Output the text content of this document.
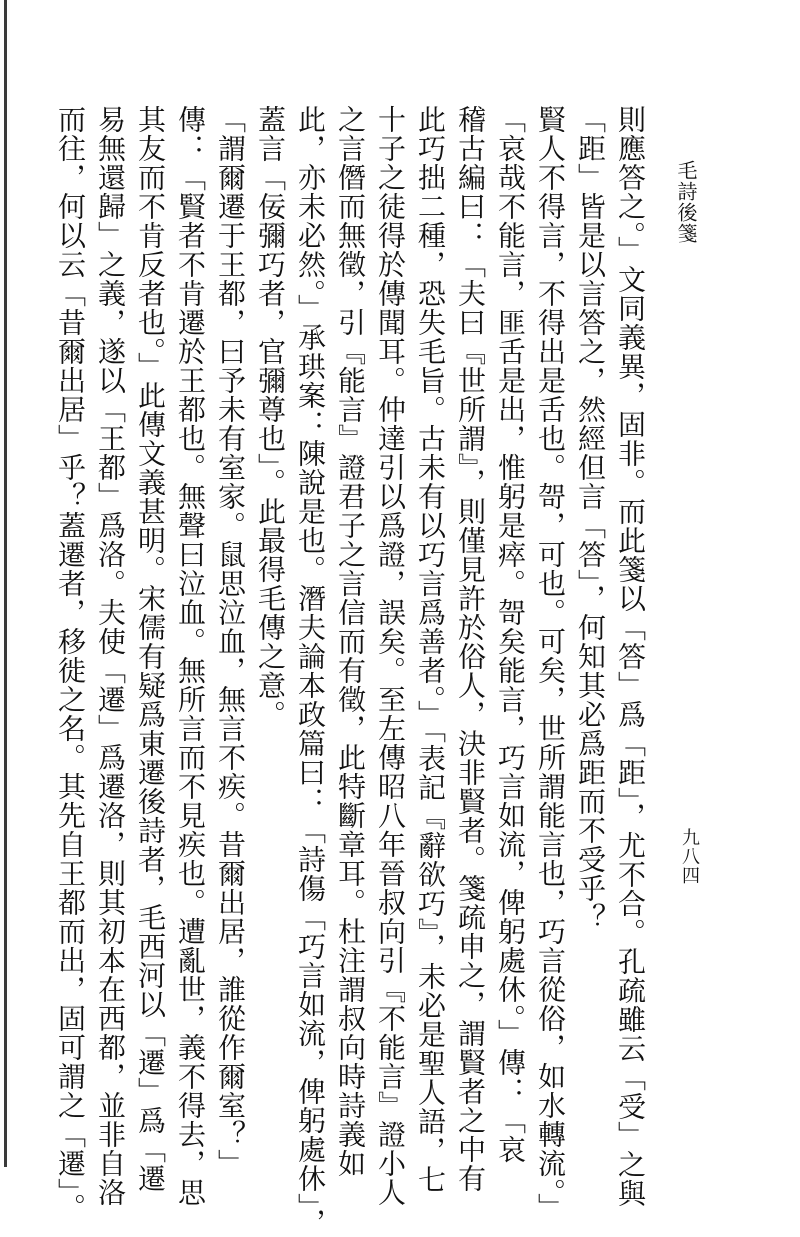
毛詩後箋
九八四
則應答之。」文同義異，固非。而此箋以「答」爲「距」，尤不合。孔疏雖云「受」之與
「距」皆是以言答之，然經但言「答」，何知其必爲距而不受乎？
賢人不得言，不得出是舌也。哿，可也。可矣，世所謂能言也，巧言從俗，如水轉流。」
「哀哉不能言，匪舌是出，惟躬是瘁。哿矣能言，巧言如流，俾躬處休。」傳：「哀
稽古編曰：「夫曰『世所謂』，則僅見許於俗人，決非賢者。箋疏申之，謂賢者之中有
此巧拙二種，恐失毛旨。古未有以巧言爲善者。」「表記『辭欲巧』，未必是聖人語，七
十子之徒得於傳聞耳。仲達引以爲證，誤矣。至左傳昭八年晉叔向引『不能言』證小人
之言僭而無徵，引『能言』證君子之言信而有徵，此特斷章耳。杜注謂叔向時詩義如
此，亦未必然。」承珙案：陳說是也。潛夫論本政篇曰：「詩傷「巧言如流，俾躬處休」，
蓋言「佞彌巧者，官彌尊也」。此最得毛傳之意。
「謂爾遷于王都，曰予未有室家。鼠思泣血，無言不疾。昔爾出居，誰從作爾室？」
傳：「賢者不肯遷於王都也。無聲曰泣血。無所言而不見疾也。遭亂世，義不得去，思
其友而不肯反者也。」此傳文義甚明。宋儒有疑爲東遷後詩者，毛西河以「遷」爲「遷
易無還歸」之義，遂以「王都」爲洛。夫使「遷」爲遷洛，則其初本在西都，並非自洛
而往，何以云「昔爾出居」乎？蓋遷者，移徙之名。其先自王都而出，固可謂之「遷」。
